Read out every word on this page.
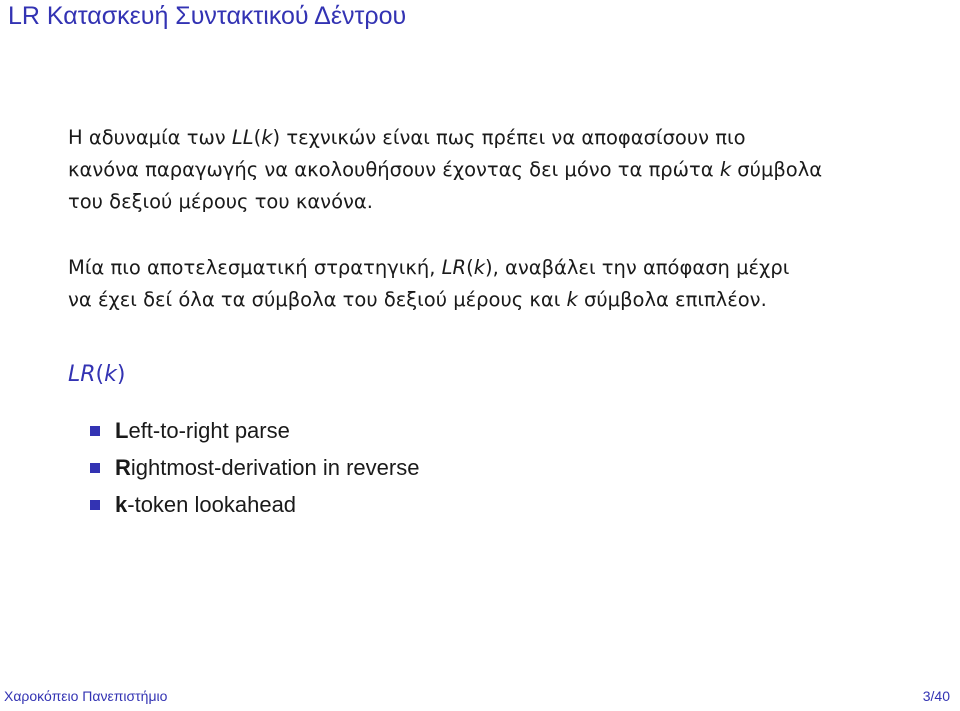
LR Κατασκευή Συντακτικού Δέντρου

Η αδυναμία των LL(k) τεχνικών είναι πως πρέπει να αποφασίσουν πιο
κανόνα παραγωγής να ακολουθήσουν έχοντας δει μόνο τα πρώτα k σύμβολα
του δεξιού μέρους του κανόνα.

Μία πιο αποτελεσματική στρατηγική, LR(k), αναβάλει την απόφαση μέχρι
να έχει δεί όλα τα σύμβολα του δεξιού μέρους και k σύμβολα επιπλέον.

LR(k)
L eft-to-right parse
R ightmost-derivation in reverse
k -token lookahead
Χαροκόπειο Πανεπιστήμιο	3/40
